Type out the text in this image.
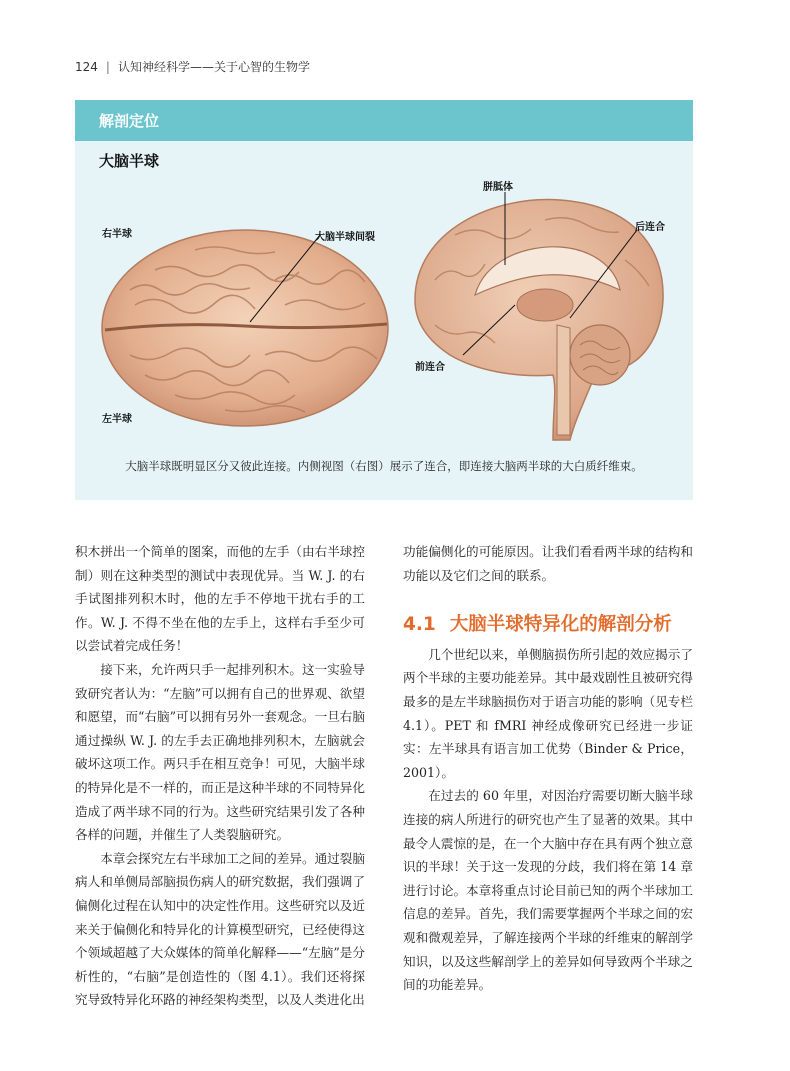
124 | 认知神经科学——关于心智的生物学
解剖定位
大脑半球
右半球
左半球
大脑半球间裂
胼胝体
后连合
前连合
大脑半球既明显区分又彼此连接。内侧视图（右图）展示了连合，即连接大脑两半球的大白质纤维束。

积木拼出一个简单的图案，而他的左手（由右半球控制）则在这种类型的测试中表现优异。当 W. J. 的右手试图排列积木时，他的左手不停地干扰右手的工作。W. J. 不得不坐在他的左手上，这样右手至少可以尝试着完成任务！

接下来，允许两只手一起排列积木。这一实验导致研究者认为：“左脑”可以拥有自己的世界观、欲望和愿望，而“右脑”可以拥有另外一套观念。一旦右脑通过操纵 W. J. 的左手去正确地排列积木，左脑就会破坏这项工作。两只手在相互竞争！可见，大脑半球的特异化是不一样的，而正是这种半球的不同特异化造成了两半球不同的行为。这些研究结果引发了各种各样的问题，并催生了人类裂脑研究。

本章会探究左右半球加工之间的差异。通过裂脑病人和单侧局部脑损伤病人的研究数据，我们强调了偏侧化过程在认知中的决定性作用。这些研究以及近来关于偏侧化和特异化的计算模型研究，已经使得这个领域超越了大众媒体的简单化解释——“左脑”是分析性的，“右脑”是创造性的（图 4.1）。我们还将探究导致特异化环路的神经架构类型，以及人类进化出

功能偏侧化的可能原因。让我们看看两半球的结构和功能以及它们之间的联系。

4.1 大脑半球特异化的解剖分析

几个世纪以来，单侧脑损伤所引起的效应揭示了两个半球的主要功能差异。其中最戏剧性且被研究得最多的是左半球脑损伤对于语言功能的影响（见专栏 4.1）。PET 和 fMRI 神经成像研究已经进一步证实：左半球具有语言加工优势（Binder & Price，2001）。

在过去的 60 年里，对因治疗需要切断大脑半球连接的病人所进行的研究也产生了显著的效果。其中最令人震惊的是，在一个大脑中存在具有两个独立意识的半球！关于这一发现的分歧，我们将在第 14 章进行讨论。本章将重点讨论目前已知的两个半球加工信息的差异。首先，我们需要掌握两个半球之间的宏观和微观差异，了解连接两个半球的纤维束的解剖学知识，以及这些解剖学上的差异如何导致两个半球之间的功能差异。
